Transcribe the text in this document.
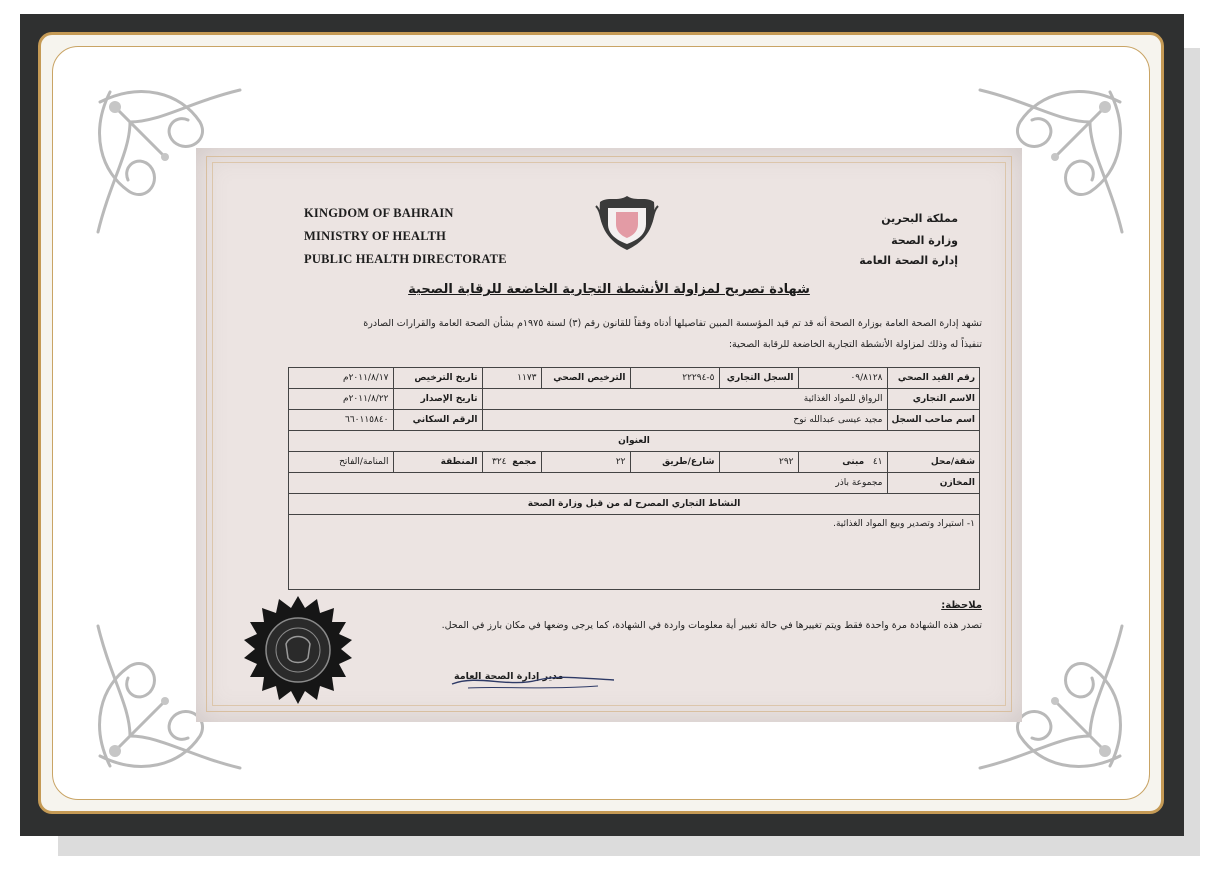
KINGDOM OF BAHRAIN
MINISTRY OF HEALTH
PUBLIC HEALTH DIRECTORATE
مملكة البحرين
وزارة الصحة
إدارة الصحة العامة
شهادة تصريح لمزاولة الأنشطة التجارية الخاضعة للرقابة الصحية
تشهد إدارة الصحة العامة بوزارة الصحة أنه قد تم قيد المؤسسة المبين تفاصيلها أدناه وفقاً للقانون رقم (٣) لسنة ١٩٧٥م بشأن الصحة العامة والقرارات الصادرة
تنفيذاً له وذلك لمزاولة الأنشطة التجارية الخاضعة للرقابة الصحية:
رقم القيد الصحي	٠٩/٨١٢٨	السجل التجاري	٥-٢٢٢٩٤	الترخيص الصحي	١١٧٣	تاريخ الترخيص	٢٠١١/٨/١٧م
الاسم التجاري	الرواق للمواد الغذائية					تاريخ الإصدار	٢٠١١/٨/٢٢م
اسم صاحب السجل	مجيد عيسى عبدالله نوح					الرقم السكاني	٦٦٠١١٥٨٤٠
العنوان							
شقة/محل	٤١   مبنى	٢٩٢	شارع/طريق	٢٢	مجمع  ٣٢٤	المنطقة	المنامة/الفاتح
المخازن	مجموعة باذر						
النشاط التجاري المصرح له من قبل وزارة الصحة							
١- استيراد وتصدير وبيع المواد الغذائية.							
ملاحظة:
تصدر هذه الشهادة مرة واحدة فقط ويتم تغييرها في حالة تغيير أية معلومات واردة في الشهادة، كما يرجى وضعها في مكان بارز في المحل.
مدير إدارة الصحة العامة
